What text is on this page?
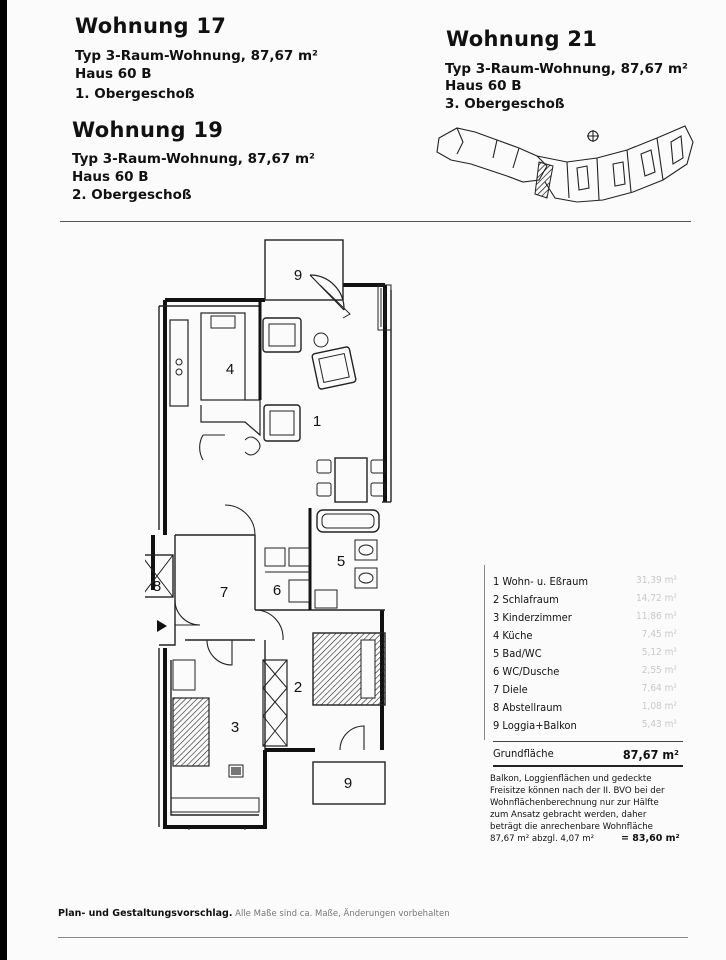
Wohnung 17
Typ 3-Raum-Wohnung, 87,67 m²
Haus 60 B
1. Obergeschoß
Wohnung 19
Typ 3-Raum-Wohnung, 87,67 m²
Haus 60 B
2. Obergeschoß
Wohnung 21
Typ 3-Raum-Wohnung, 87,67 m²
Haus 60 B
3. Obergeschoß
1
2
3
4
5
6
7
8
9
9
1 Wohn- u. Eßraum	31,39 m²
2 Schlafraum	14,72 m²
3 Kinderzimmer	11,86 m²
4 Küche	7,45 m²
5 Bad/WC	5,12 m²
6 WC/Dusche	2,55 m²
7 Diele	7,64 m²
8 Abstellraum	1,08 m²
9 Loggia+Balkon	5,43 m²
Grundfläche	87,67 m²
Balkon, Loggienflächen und gedeckte
Freisitze können nach der II. BVO bei der
Wohnflächenberechnung nur zur Hälfte
zum Ansatz gebracht werden, daher
beträgt die anrechenbare Wohnfläche
87,67 m² abzgl. 4,07 m²	= 83,60 m²
Plan- und Gestaltungsvorschlag. Alle Maße sind ca. Maße, Änderungen vorbehalten
